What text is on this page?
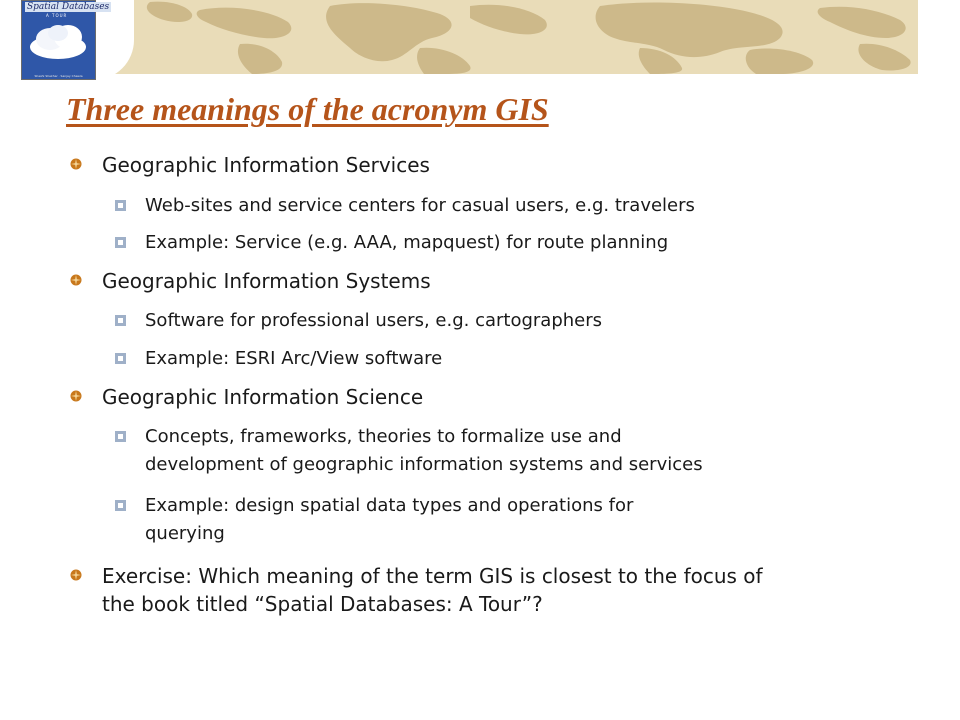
Spatial Databases
A TOUR
Shashi Shekhar · Sanjay Chawla
Three meanings of the acronym GIS
Geographic Information Services
Web-sites and service centers for casual users, e.g. travelers
Example: Service (e.g. AAA, mapquest) for route planning
Geographic Information Systems
Software for professional users, e.g. cartographers
Example: ESRI Arc/View software
Geographic Information Science
Concepts, frameworks, theories to formalize use and
development of geographic information systems and services
Example: design spatial data types and operations for
querying
Exercise: Which meaning of the term GIS is closest to the focus of
the book titled “Spatial Databases: A Tour”?
